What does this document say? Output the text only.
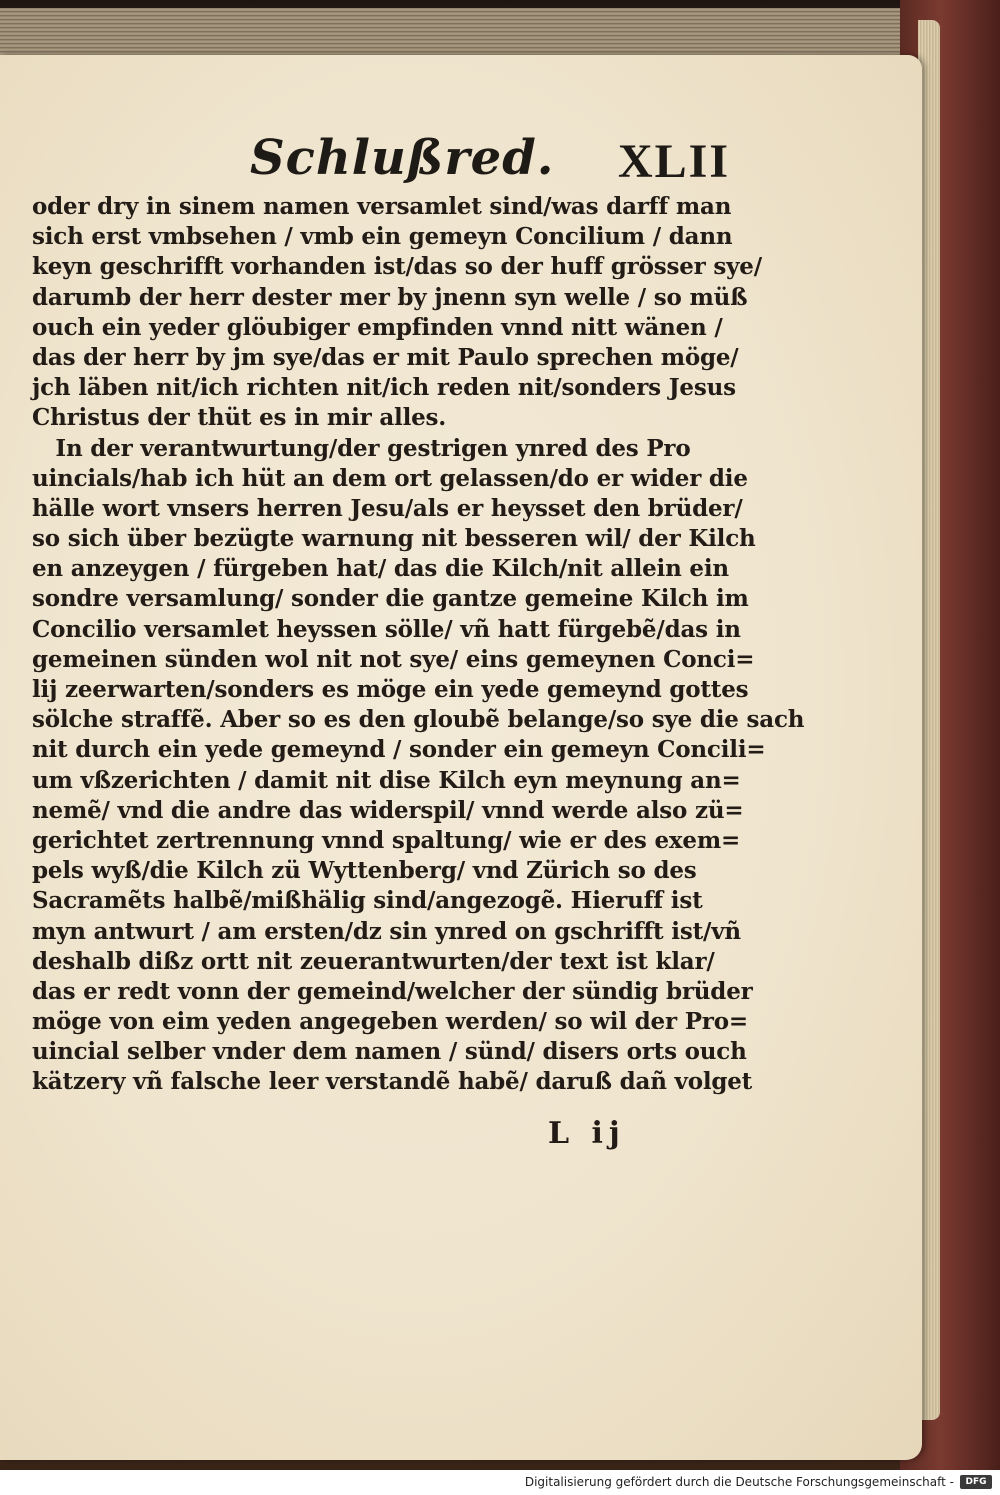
Schlußred. XLII
oder dry in sinem namen versamlet sind/was darff man
sich erst vmbsehen / vmb ein gemeyn Concilium / dann
keyn geschrifft vorhanden ist/das so der huff grösser sye/
darumb der herr dester mer by jnenn syn welle / so müß
ouch ein yeder glöubiger empfinden vnnd nitt wänen /
das der herr by jm sye/das er mit Paulo sprechen möge/
jch läben nit/ich richten nit/ich reden nit/sonders Jesus
Christus der thüt es in mir alles.
In der verantwurtung/der gestrigen ynred des Pro
uincials/hab ich hüt an dem ort gelassen/do er wider die
hälle wort vnsers herren Jesu/als er heysset den brüder/
so sich über bezügte warnung nit besseren wil/ der Kilch
en anzeygen / fürgeben hat/ das die Kilch/nit allein ein
sondre versamlung/ sonder die gantze gemeine Kilch im
Concilio versamlet heyssen sölle/ vñ hatt fürgebẽ/das in
gemeinen sünden wol nit not sye/ eins gemeynen Conci=
lij zeerwarten/sonders es möge ein yede gemeynd gottes
sölche straffẽ. Aber so es den gloubẽ belange/so sye die sach
nit durch ein yede gemeynd / sonder ein gemeyn Concili=
um vßzerichten / damit nit dise Kilch eyn meynung an=
nemẽ/ vnd die andre das widerspil/ vnnd werde also zü=
gerichtet zertrennung vnnd spaltung/ wie er des exem=
pels wyß/die Kilch zü Wyttenberg/ vnd Zürich so des
Sacramẽts halbẽ/mißhälig sind/angezogẽ. Hieruff ist
myn antwurt / am ersten/dz sin ynred on gschrifft ist/vñ
deshalb dißz ortt nit zeuerantwurten/der text ist klar/
das er redt vonn der gemeind/welcher der sündig brüder
möge von eim yeden angegeben werden/ so wil der Pro=
uincial selber vnder dem namen / sünd/ disers orts ouch
kätzery vñ falsche leer verstandẽ habẽ/ daruß dañ volget
L ij
Digitalisierung gefördert durch die Deutsche Forschungsgemeinschaft -	DFG
